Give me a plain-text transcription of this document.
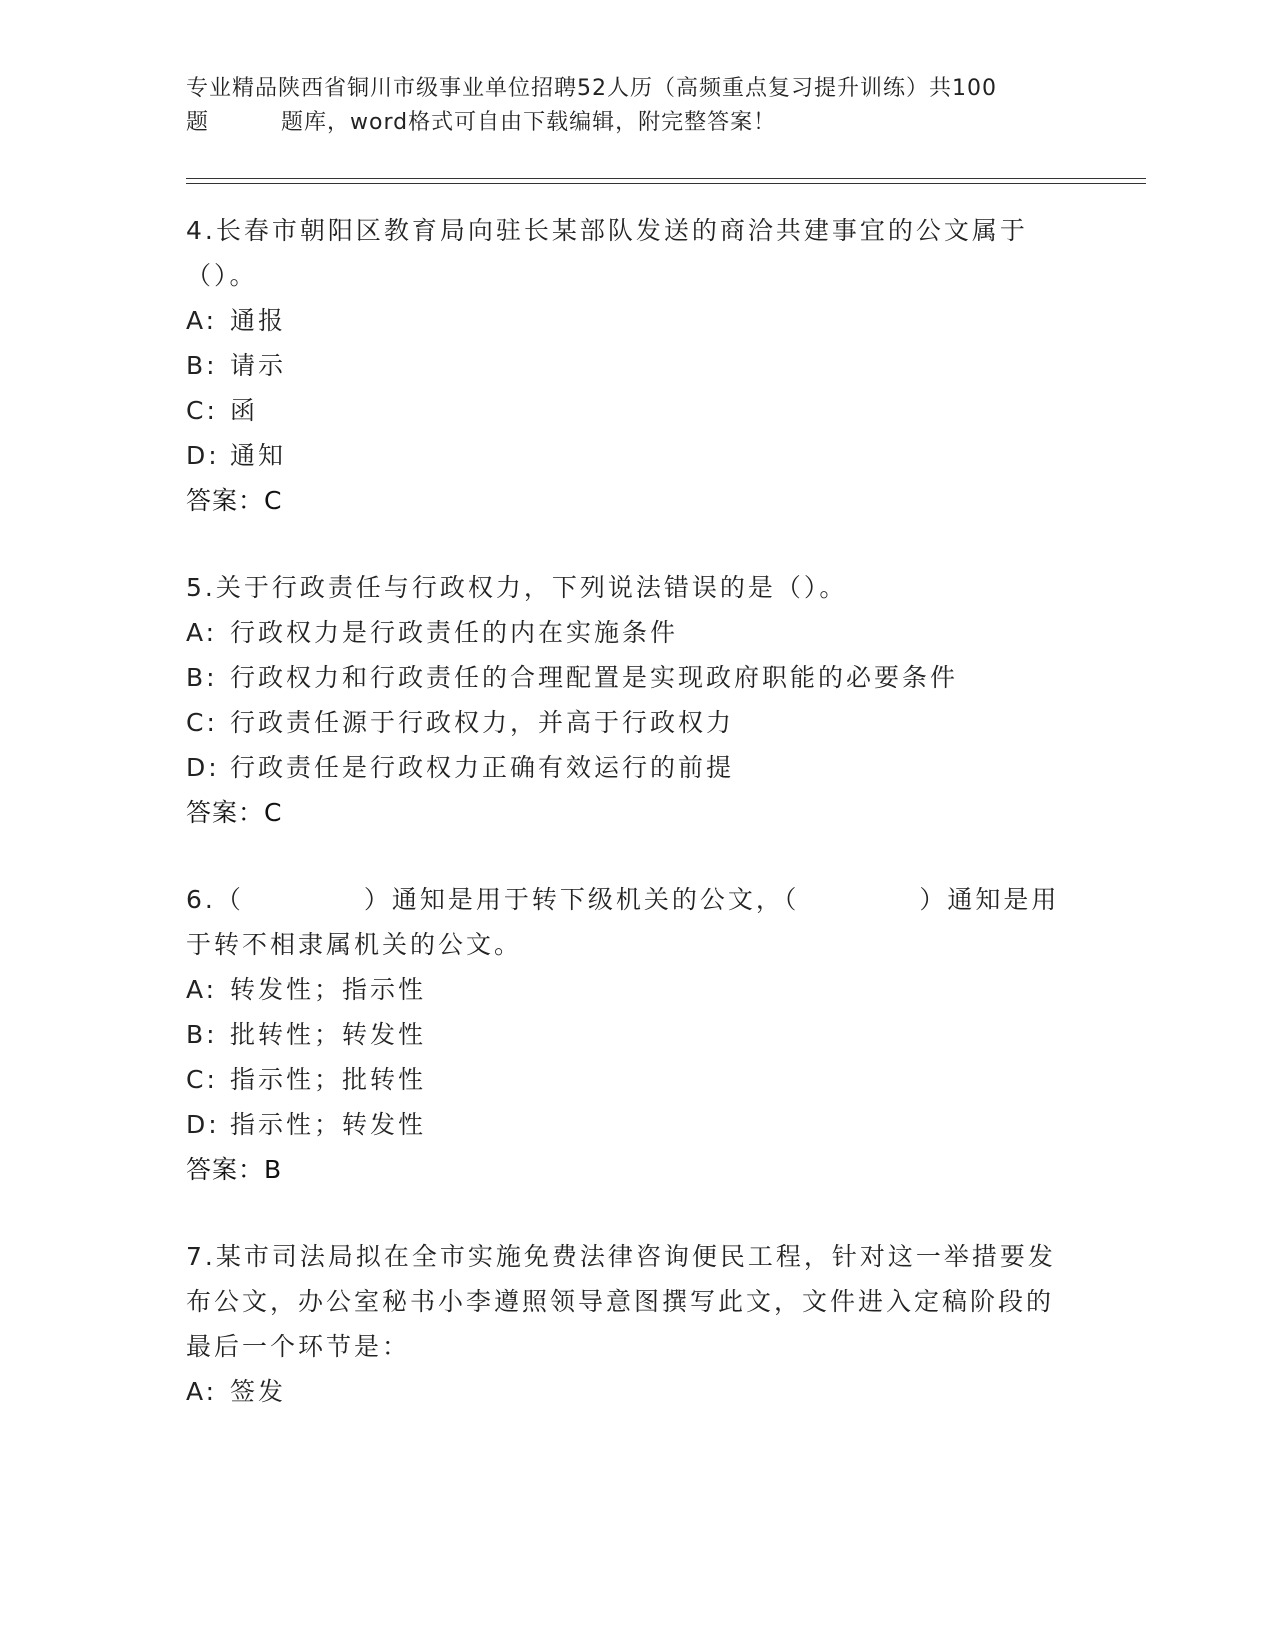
专业精品陕西省铜川市级事业单位招聘52人历（高频重点复习提升训练）共100
题	题库，word格式可自由下载编辑，附完整答案！
4.长春市朝阳区教育局向驻长某部队发送的商洽共建事宜的公文属于（）。
A: 通报
B: 请示
C: 函
D: 通知
答案：C
5.关于行政责任与行政权力，下列说法错误的是（）。
A: 行政权力是行政责任的内在实施条件
B: 行政权力和行政责任的合理配置是实现政府职能的必要条件
C: 行政责任源于行政权力，并高于行政权力
D: 行政责任是行政权力正确有效运行的前提
答案：C
6.（	）通知是用于转下级机关的公文，（	）通知是用于转不相隶属机关的公文。
A: 转发性；指示性
B: 批转性；转发性
C: 指示性；批转性
D: 指示性；转发性
答案：B
7.某市司法局拟在全市实施免费法律咨询便民工程，针对这一举措要发布公文，办公室秘书小李遵照领导意图撰写此文，文件进入定稿阶段的最后一个环节是：
A: 签发
